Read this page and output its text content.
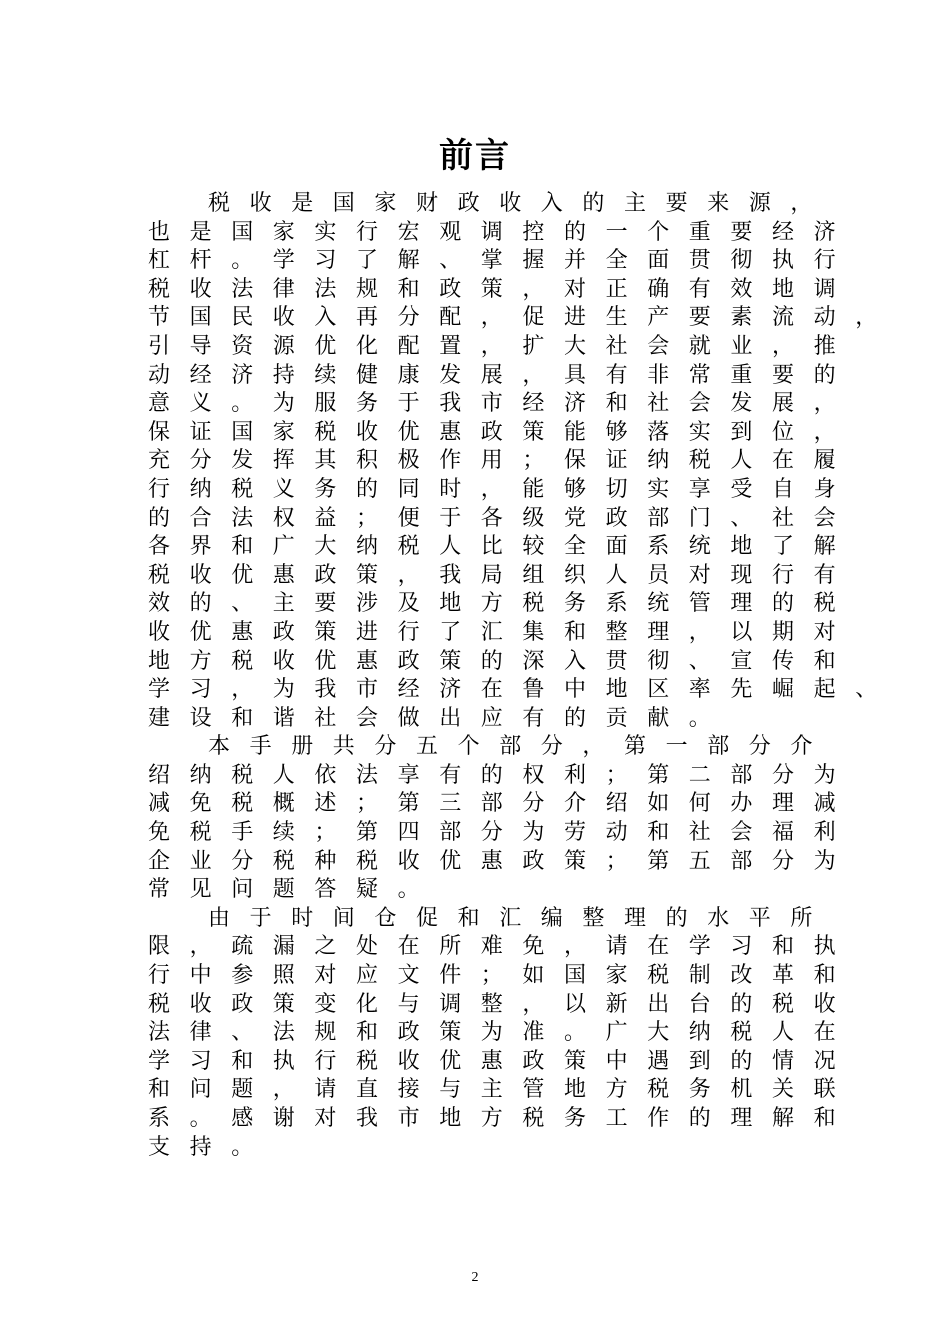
前言
税收是国家财政收入的主要来源，
也是国家实行宏观调控的一个重要经济
杠杆。学习了解、掌握并全面贯彻执行
税收法律法规和政策，对正确有效地调
节国民收入再分配，促进生产要素流动，
引导资源优化配置，扩大社会就业，推
动经济持续健康发展，具有非常重要的
意义。为服务于我市经济和社会发展，
保证国家税收优惠政策能够落实到位，
充分发挥其积极作用；保证纳税人在履
行纳税义务的同时，能够切实享受自身
的合法权益；便于各级党政部门、社会
各界和广大纳税人比较全面系统地了解
税收优惠政策，我局组织人员对现行有
效的、主要涉及地方税务系统管理的税
收优惠政策进行了汇集和整理，以期对
地方税收优惠政策的深入贯彻、宣传和
学习，为我市经济在鲁中地区率先崛起、
建设和谐社会做出应有的贡献。
本手册共分五个部分，第一部分介
绍纳税人依法享有的权利；第二部分为
减免税概述；第三部分介绍如何办理减
免税手续；第四部分为劳动和社会福利
企业分税种税收优惠政策；第五部分为
常见问题答疑。
由于时间仓促和汇编整理的水平所
限，疏漏之处在所难免，请在学习和执
行中参照对应文件；如国家税制改革和
税收政策变化与调整，以新出台的税收
法律、法规和政策为准。广大纳税人在
学习和执行税收优惠政策中遇到的情况
和问题，请直接与主管地方税务机关联
系。感谢对我市地方税务工作的理解和
支持。
2
